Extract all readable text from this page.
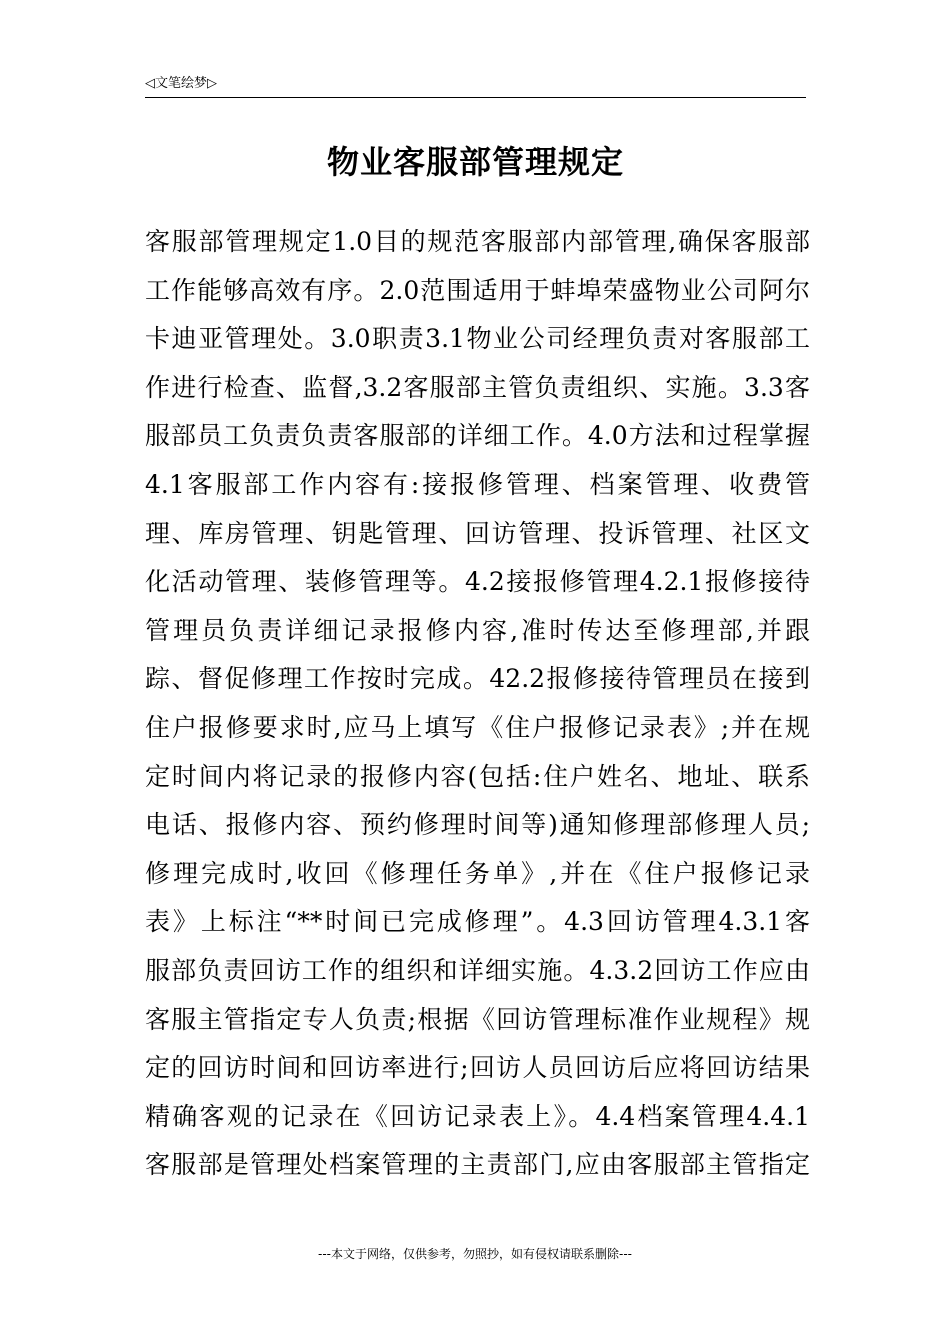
◁文笔绘梦▷
物业客服部管理规定
客服部管理规定1.0目的规范客服部内部管理,确保客服部
工作能够高效有序。2.0范围适用于蚌埠荣盛物业公司阿尔
卡迪亚管理处。3.0职责3.1物业公司经理负责对客服部工
作进行检查、监督,3.2客服部主管负责组织、实施。3.3客
服部员工负责负责客服部的详细工作。4.0方法和过程掌握
4.1客服部工作内容有:接报修管理、档案管理、收费管
理、库房管理、钥匙管理、回访管理、投诉管理、社区文
化活动管理、装修管理等。4.2接报修管理4.2.1报修接待
管理员负责详细记录报修内容,准时传达至修理部,并跟
踪、督促修理工作按时完成。42.2报修接待管理员在接到
住户报修要求时,应马上填写《住户报修记录表》;并在规
定时间内将记录的报修内容(包括:住户姓名、地址、联系
电话、报修内容、预约修理时间等)通知修理部修理人员;
修理完成时,收回《修理任务单》,并在《住户报修记录
表》上标注“**时间已完成修理”。4.3回访管理4.3.1客
服部负责回访工作的组织和详细实施。4.3.2回访工作应由
客服主管指定专人负责;根据《回访管理标准作业规程》规
定的回访时间和回访率进行;回访人员回访后应将回访结果
精确客观的记录在《回访记录表上》。4.4档案管理4.4.1
客服部是管理处档案管理的主责部门,应由客服部主管指定
---本文于网络，仅供参考，勿照抄，如有侵权请联系删除---
